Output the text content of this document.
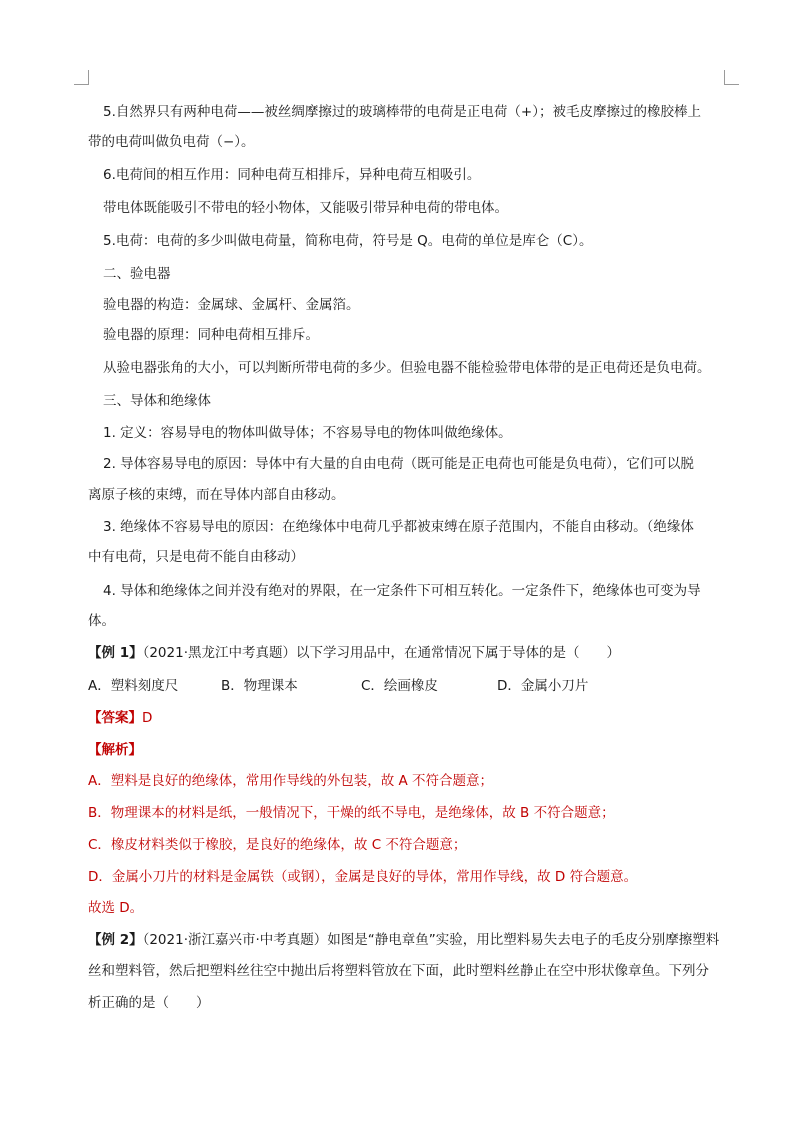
5.自然界只有两种电荷——被丝绸摩擦过的玻璃棒带的电荷是正电荷（+）；被毛皮摩擦过的橡胶棒上
带的电荷叫做负电荷（−）。
6.电荷间的相互作用：同种电荷互相排斥，异种电荷互相吸引。
带电体既能吸引不带电的轻小物体，又能吸引带异种电荷的带电体。
5.电荷：电荷的多少叫做电荷量，简称电荷，符号是 Q。电荷的单位是库仑（C）。
二、验电器
验电器的构造：金属球、金属杆、金属箔。
验电器的原理：同种电荷相互排斥。
从验电器张角的大小，可以判断所带电荷的多少。但验电器不能检验带电体带的是正电荷还是负电荷。
三、导体和绝缘体
1. 定义：容易导电的物体叫做导体；不容易导电的物体叫做绝缘体。
2. 导体容易导电的原因：导体中有大量的自由电荷（既可能是正电荷也可能是负电荷），它们可以脱
离原子核的束缚，而在导体内部自由移动。
3. 绝缘体不容易导电的原因：在绝缘体中电荷几乎都被束缚在原子范围内，不能自由移动。（绝缘体
中有电荷，只是电荷不能自由移动）
4. 导体和绝缘体之间并没有绝对的界限，在一定条件下可相互转化。一定条件下，绝缘体也可变为导
体。
【例 1】（2021·黑龙江中考真题）以下学习用品中，在通常情况下属于导体的是（　　）
A．塑料刻度尺	B．物理课本	C．绘画橡皮	D．金属小刀片
【答案】D
【解析】
A．塑料是良好的绝缘体，常用作导线的外包装，故 A 不符合题意；
B．物理课本的材料是纸，一般情况下，干燥的纸不导电，是绝缘体，故 B 不符合题意；
C．橡皮材料类似于橡胶，是良好的绝缘体，故 C 不符合题意；
D．金属小刀片的材料是金属铁（或钢），金属是良好的导体，常用作导线，故 D 符合题意。
故选 D。
【例 2】（2021·浙江嘉兴市·中考真题）如图是“静电章鱼”实验，用比塑料易失去电子的毛皮分别摩擦塑料
丝和塑料管，然后把塑料丝往空中抛出后将塑料管放在下面，此时塑料丝静止在空中形状像章鱼。下列分
析正确的是（　　）
